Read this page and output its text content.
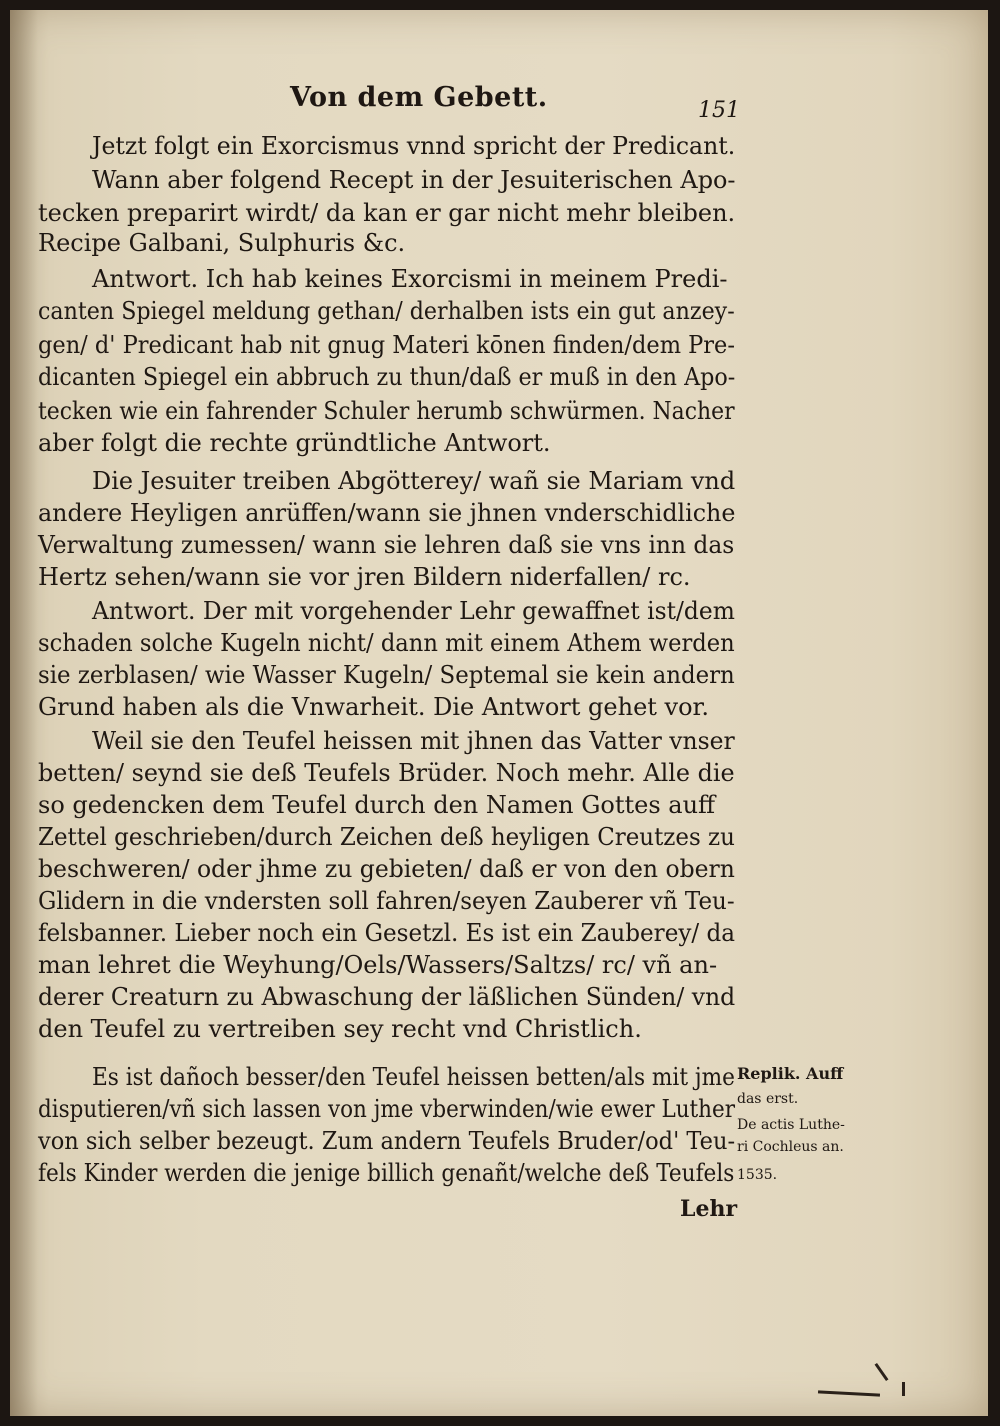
Von dem Gebett.	151
Jetzt folgt ein Exorcismus vnnd spricht der Predicant.
Wann aber folgend Recept in der Jesuiterischen Apo-
tecken preparirt wirdt/ da kan er gar nicht mehr bleiben.
Recipe Galbani, Sulphuris &c.
Antwort. Ich hab keines Exorcismi in meinem Predi-
canten Spiegel meldung gethan/ derhalben ists ein gut anzey-
gen/ d' Predicant hab nit gnug Materi kōnen finden/dem Pre-
dicanten Spiegel ein abbruch zu thun/daß er muß in den Apo-
tecken wie ein fahrender Schuler herumb schwürmen. Nacher
aber folgt die rechte gründtliche Antwort.
Die Jesuiter treiben Abgötterey/ wañ sie Mariam vnd
andere Heyligen anrüffen/wann sie jhnen vnderschidliche
Verwaltung zumessen/ wann sie lehren daß sie vns inn das
Hertz sehen/wann sie vor jren Bildern niderfallen/ rc.
Antwort. Der mit vorgehender Lehr gewaffnet ist/dem
schaden solche Kugeln nicht/ dann mit einem Athem werden
sie zerblasen/ wie Wasser Kugeln/ Septemal sie kein andern
Grund haben als die Vnwarheit. Die Antwort gehet vor.
Weil sie den Teufel heissen mit jhnen das Vatter vnser
betten/ seynd sie deß Teufels Brüder. Noch mehr. Alle die
so gedencken dem Teufel durch den Namen Gottes auff
Zettel geschrieben/durch Zeichen deß heyligen Creutzes zu
beschweren/ oder jhme zu gebieten/ daß er von den obern
Glidern in die vndersten soll fahren/seyen Zauberer vñ Teu-
felsbanner. Lieber noch ein Gesetzl. Es ist ein Zauberey/ da
man lehret die Weyhung/Oels/Wassers/Saltzs/ rc/ vñ an-
derer Creaturn zu Abwaschung der läßlichen Sünden/ vnd
den Teufel zu vertreiben sey recht vnd Christlich.
Es ist dañoch besser/den Teufel heissen betten/als mit jme
disputieren/vñ sich lassen von jme vberwinden/wie ewer Luther
von sich selber bezeugt. Zum andern Teufels Bruder/od' Teu-
fels Kinder werden die jenige billich genañt/welche deß Teufels
Replik. Auff
das erst.
De actis Luthe-
ri Cochleus an.
1535.
Lehr
